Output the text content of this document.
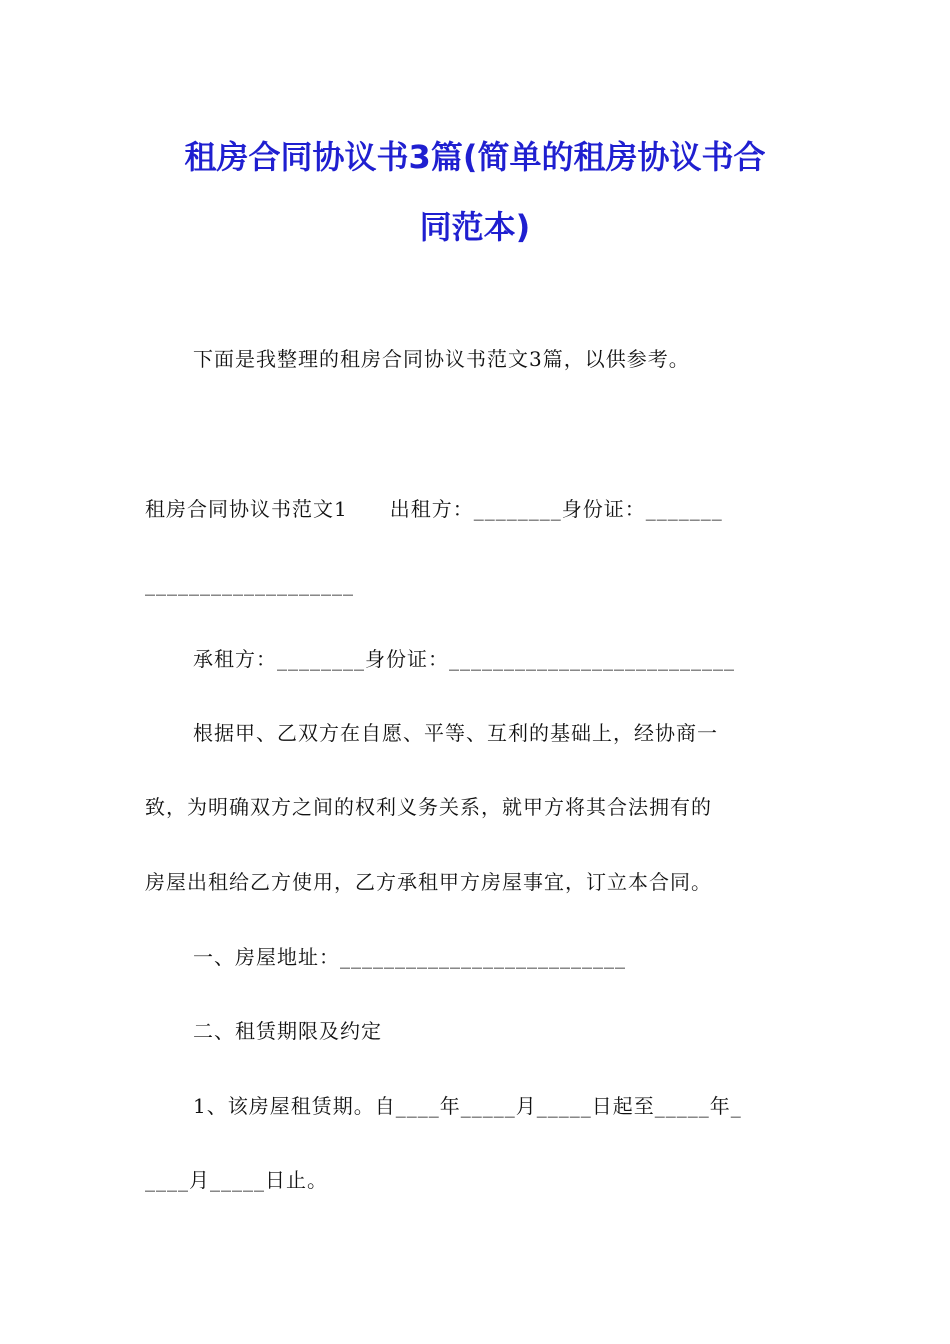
租房合同协议书3篇(简单的租房协议书合
同范本)

下面是我整理的租房合同协议书范文3篇，以供参考。

租房合同协议书范文1　　出租方：________身份证：_______

___________________

承租方：________身份证：__________________________

根据甲、乙双方在自愿、平等、互利的基础上，经协商一

致，为明确双方之间的权利义务关系，就甲方将其合法拥有的

房屋出租给乙方使用，乙方承租甲方房屋事宜，订立本合同。

一、房屋地址：__________________________

二、租赁期限及约定

1、该房屋租赁期。自____年_____月_____日起至_____年_

____月_____日止。
